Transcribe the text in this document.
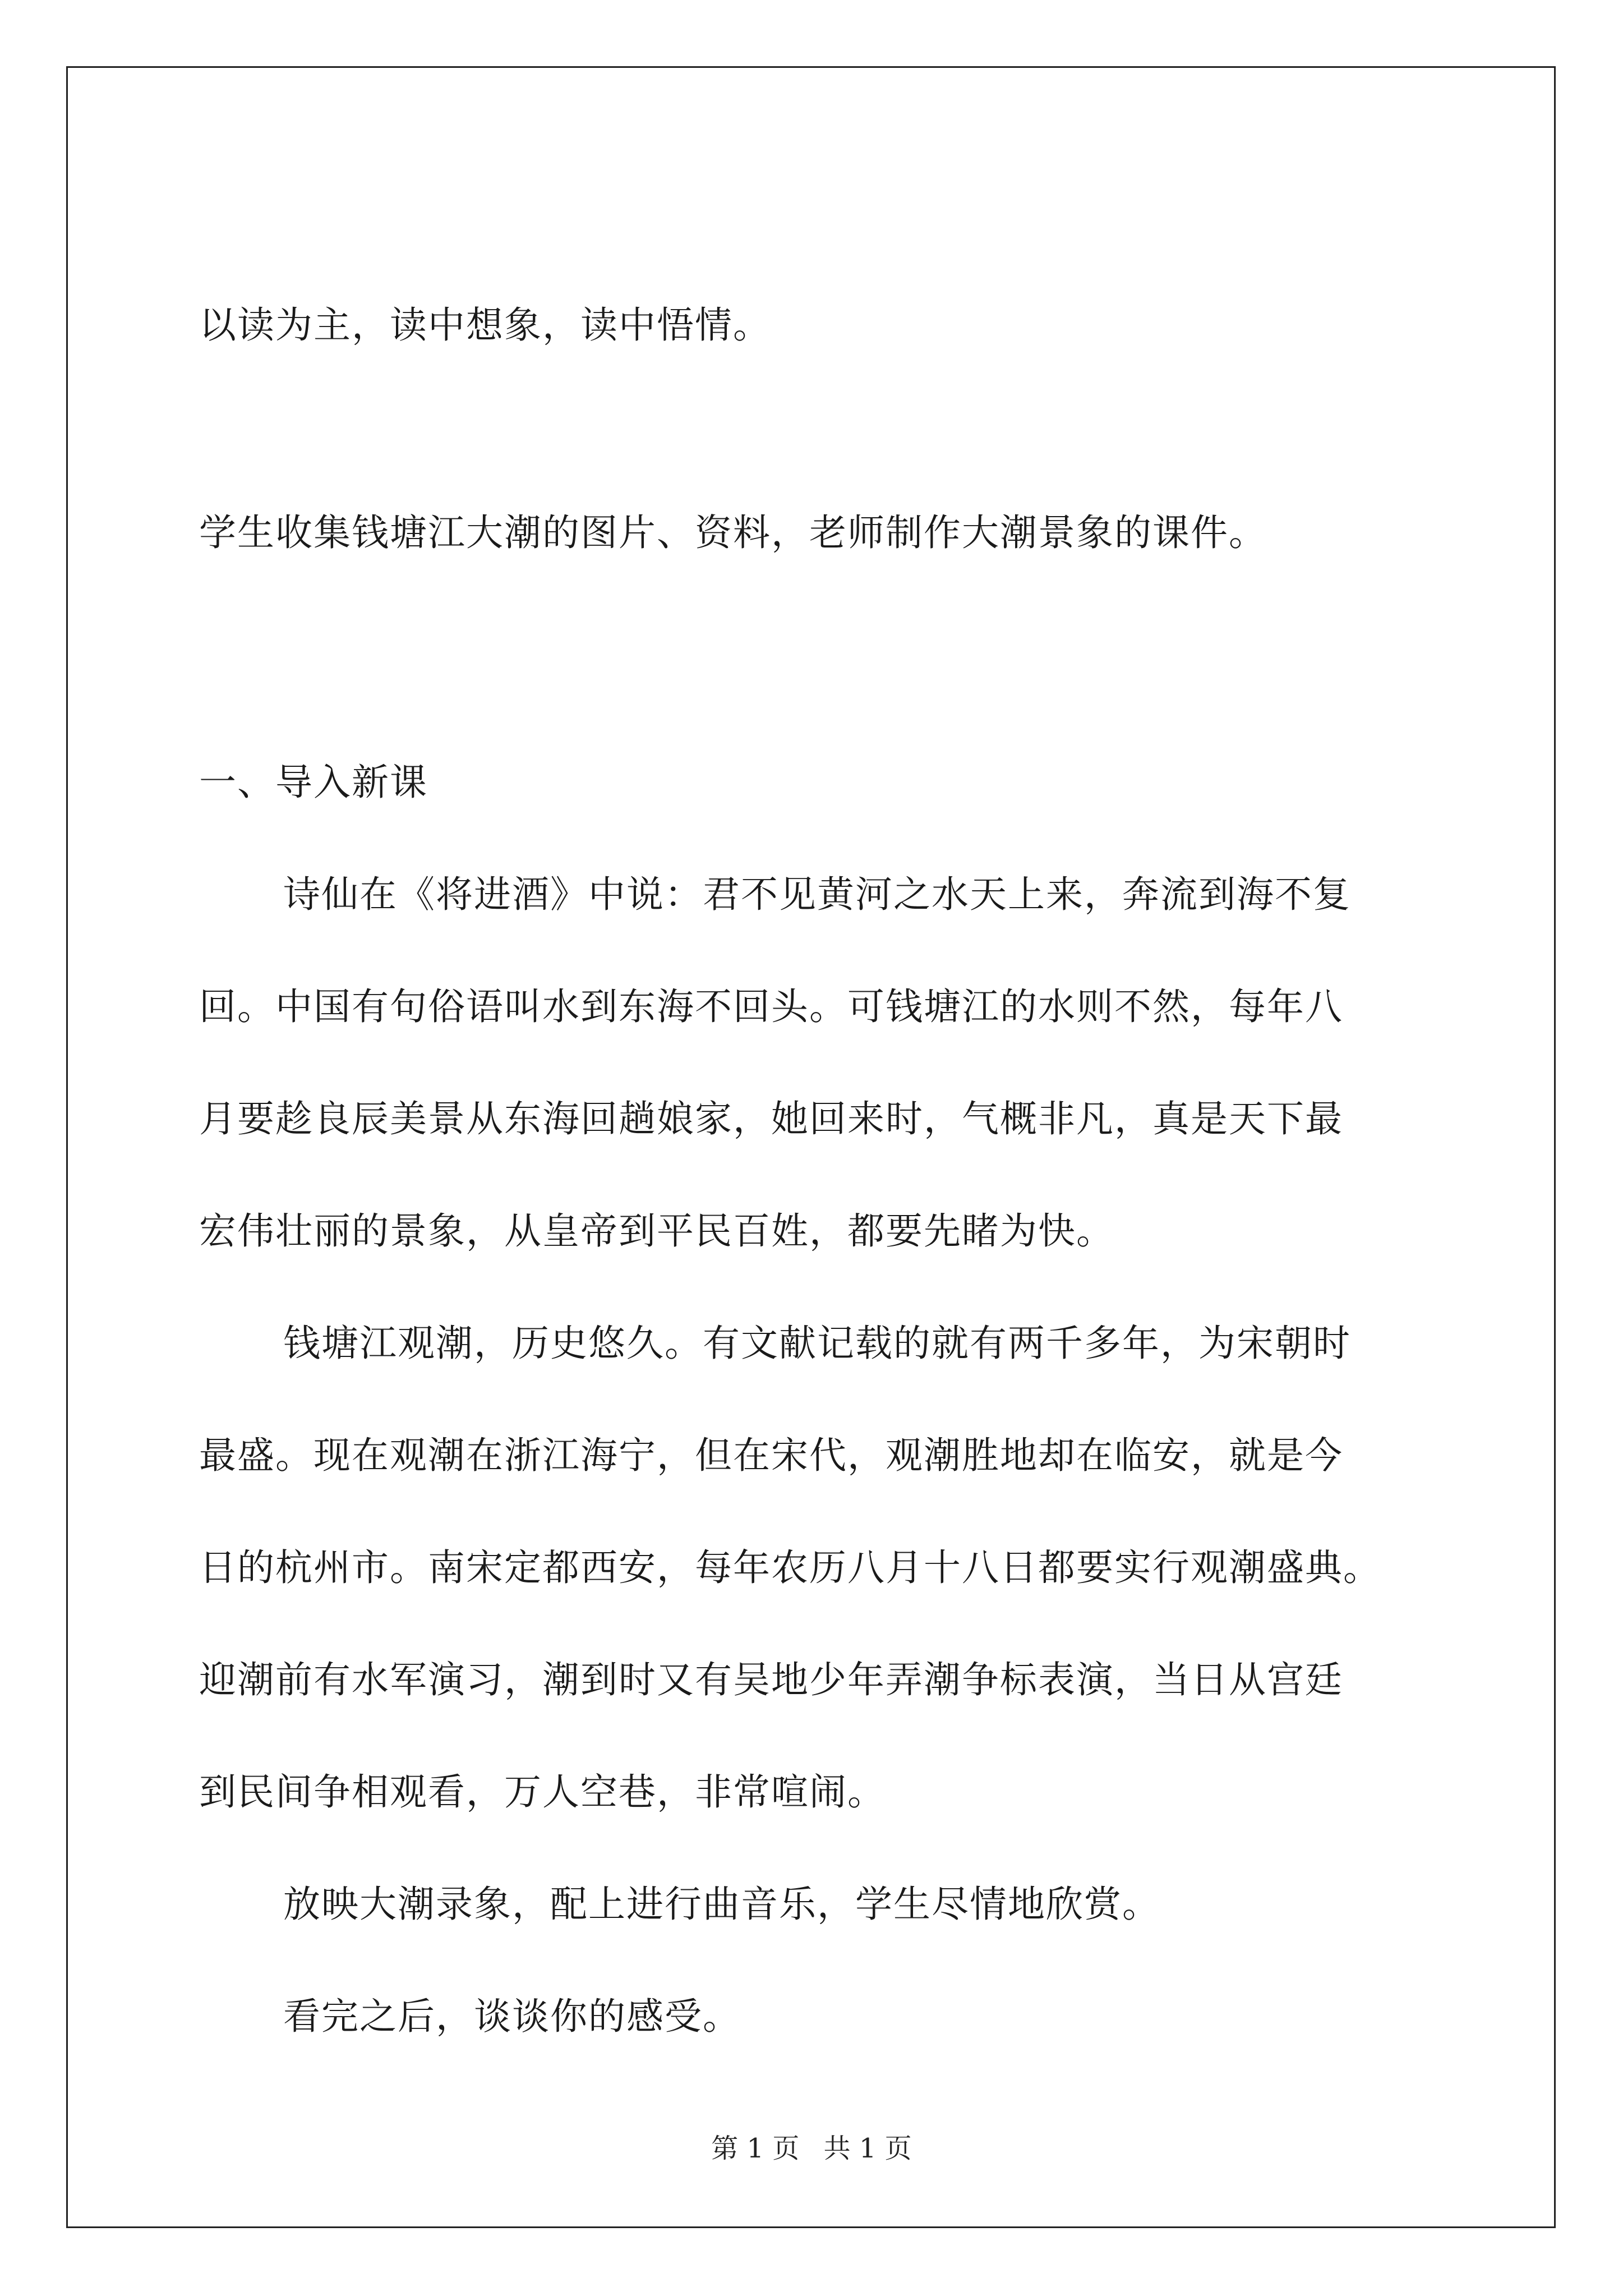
以读为主，读中想象，读中悟情。
学生收集钱塘江大潮的图片、资料，老师制作大潮景象的课件。
一、导入新课
诗仙在《将进酒》中说：君不见黄河之水天上来，奔流到海不复
回。中国有句俗语叫水到东海不回头。可钱塘江的水则不然，每年八
月要趁良辰美景从东海回趟娘家，她回来时，气概非凡，真是天下最
宏伟壮丽的景象，从皇帝到平民百姓，都要先睹为快。
钱塘江观潮，历史悠久。有文献记载的就有两千多年，为宋朝时
最盛。现在观潮在浙江海宁，但在宋代，观潮胜地却在临安，就是今
日的杭州市。南宋定都西安，每年农历八月十八日都要实行观潮盛典。
迎潮前有水军演习，潮到时又有吴地少年弄潮争标表演，当日从宫廷
到民间争相观看，万人空巷，非常喧闹。
放映大潮录象，配上进行曲音乐，学生尽情地欣赏。
看完之后，谈谈你的感受。
第 1 页 共 1 页
